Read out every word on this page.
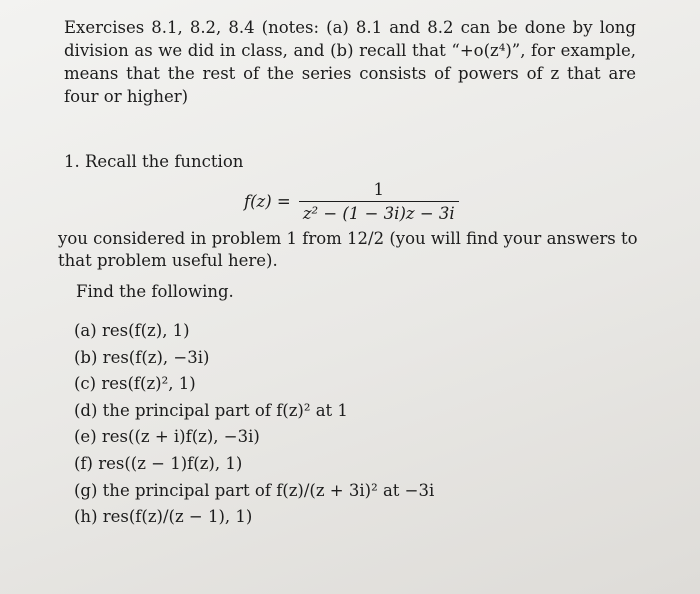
Exercises 8.1, 8.2, 8.4 (notes: (a) 8.1 and 8.2 can be done by long division as we did in class, and (b) recall that “+o(z⁴)”, for example, means that the rest of the series consists of powers of z that are four or higher)
1. Recall the function
$f(z) = \frac{1}{\text{z² − (1 − 3i)z − 3i}}$
you considered in problem 1 from 12/2 (you will find your answers to that problem useful here).
Find the following.
(a) res(f(z), 1)
(b) res(f(z), −3i)
(c) res(f(z)², 1)
(d) the principal part of f(z)² at 1
(e) res((z + i)f(z), −3i)
(f) res((z − 1)f(z), 1)
(g) the principal part of f(z)/(z + 3i)² at −3i
(h) res(f(z)/(z − 1), 1)
